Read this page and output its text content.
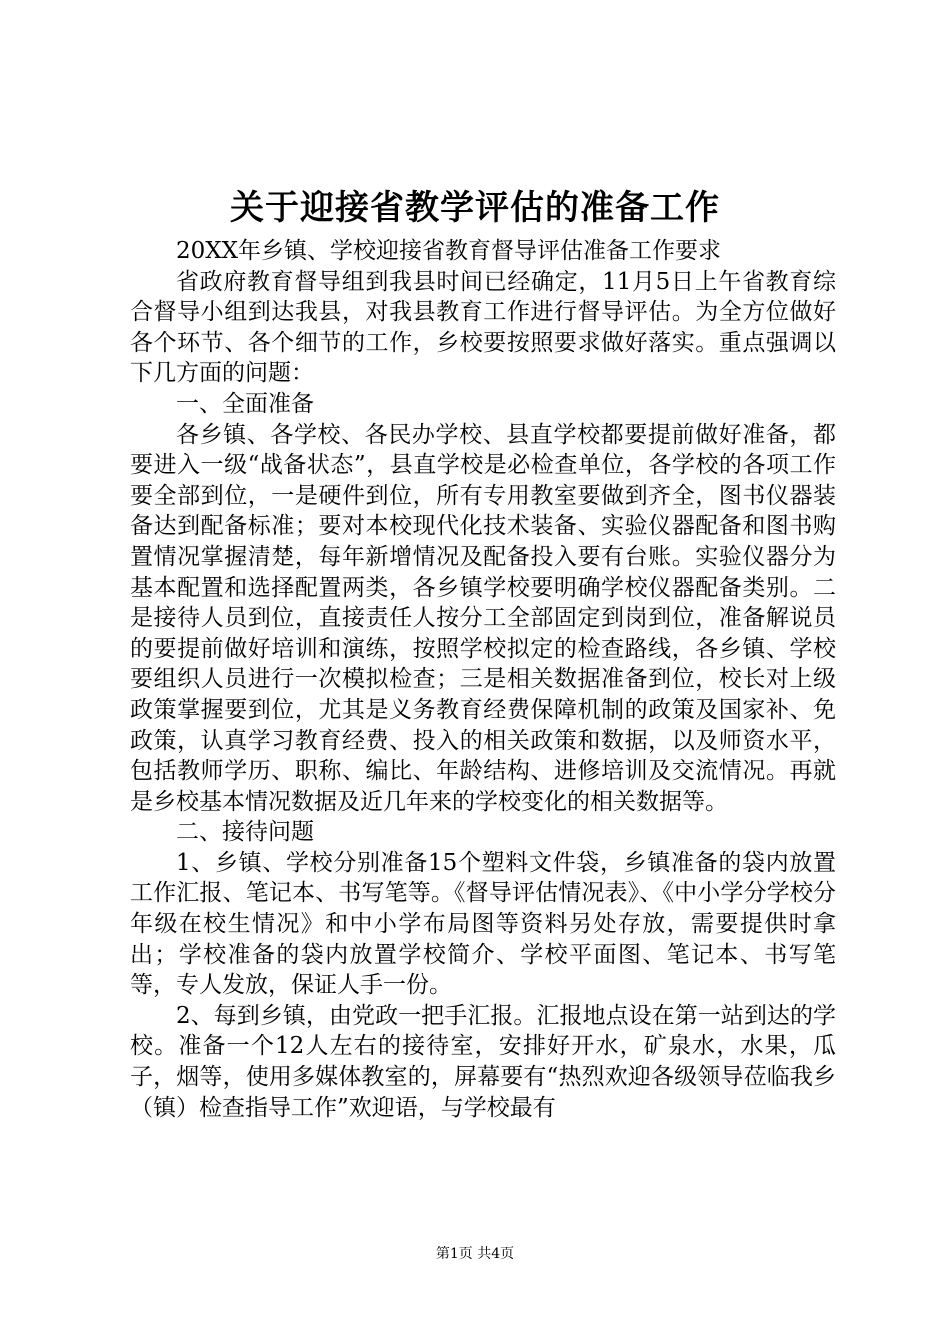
关于迎接省教学评估的准备工作

20XX年乡镇、学校迎接省教育督导评估准备工作要求

省政府教育督导组到我县时间已经确定，11月5日上午省教育综合督导小组到达我县，对我县教育工作进行督导评估。为全方位做好各个环节、各个细节的工作，乡校要按照要求做好落实。重点强调以下几方面的问题：

一、全面准备

各乡镇、各学校、各民办学校、县直学校都要提前做好准备，都要进入一级“战备状态”，县直学校是必检查单位，各学校的各项工作要全部到位，一是硬件到位，所有专用教室要做到齐全，图书仪器装备达到配备标准；要对本校现代化技术装备、实验仪器配备和图书购置情况掌握清楚，每年新增情况及配备投入要有台账。实验仪器分为基本配置和选择配置两类，各乡镇学校要明确学校仪器配备类别。二是接待人员到位，直接责任人按分工全部固定到岗到位，准备解说员的要提前做好培训和演练，按照学校拟定的检查路线，各乡镇、学校要组织人员进行一次模拟检查；三是相关数据准备到位，校长对上级政策掌握要到位，尤其是义务教育经费保障机制的政策及国家补、免政策，认真学习教育经费、投入的相关政策和数据，以及师资水平，包括教师学历、职称、编比、年龄结构、进修培训及交流情况。再就是乡校基本情况数据及近几年来的学校变化的相关数据等。

二、接待问题

1、乡镇、学校分别准备15个塑料文件袋，乡镇准备的袋内放置工作汇报、笔记本、书写笔等。《督导评估情况表》、《中小学分学校分年级在校生情况》和中小学布局图等资料另处存放，需要提供时拿出；学校准备的袋内放置学校简介、学校平面图、笔记本、书写笔等，专人发放，保证人手一份。

2、每到乡镇，由党政一把手汇报。汇报地点设在第一站到达的学校。准备一个12人左右的接待室，安排好开水，矿泉水，水果，瓜子，烟等，使用多媒体教室的，屏幕要有“热烈欢迎各级领导莅临我乡（镇）检查指导工作”欢迎语，与学校最有

第1页 共4页
